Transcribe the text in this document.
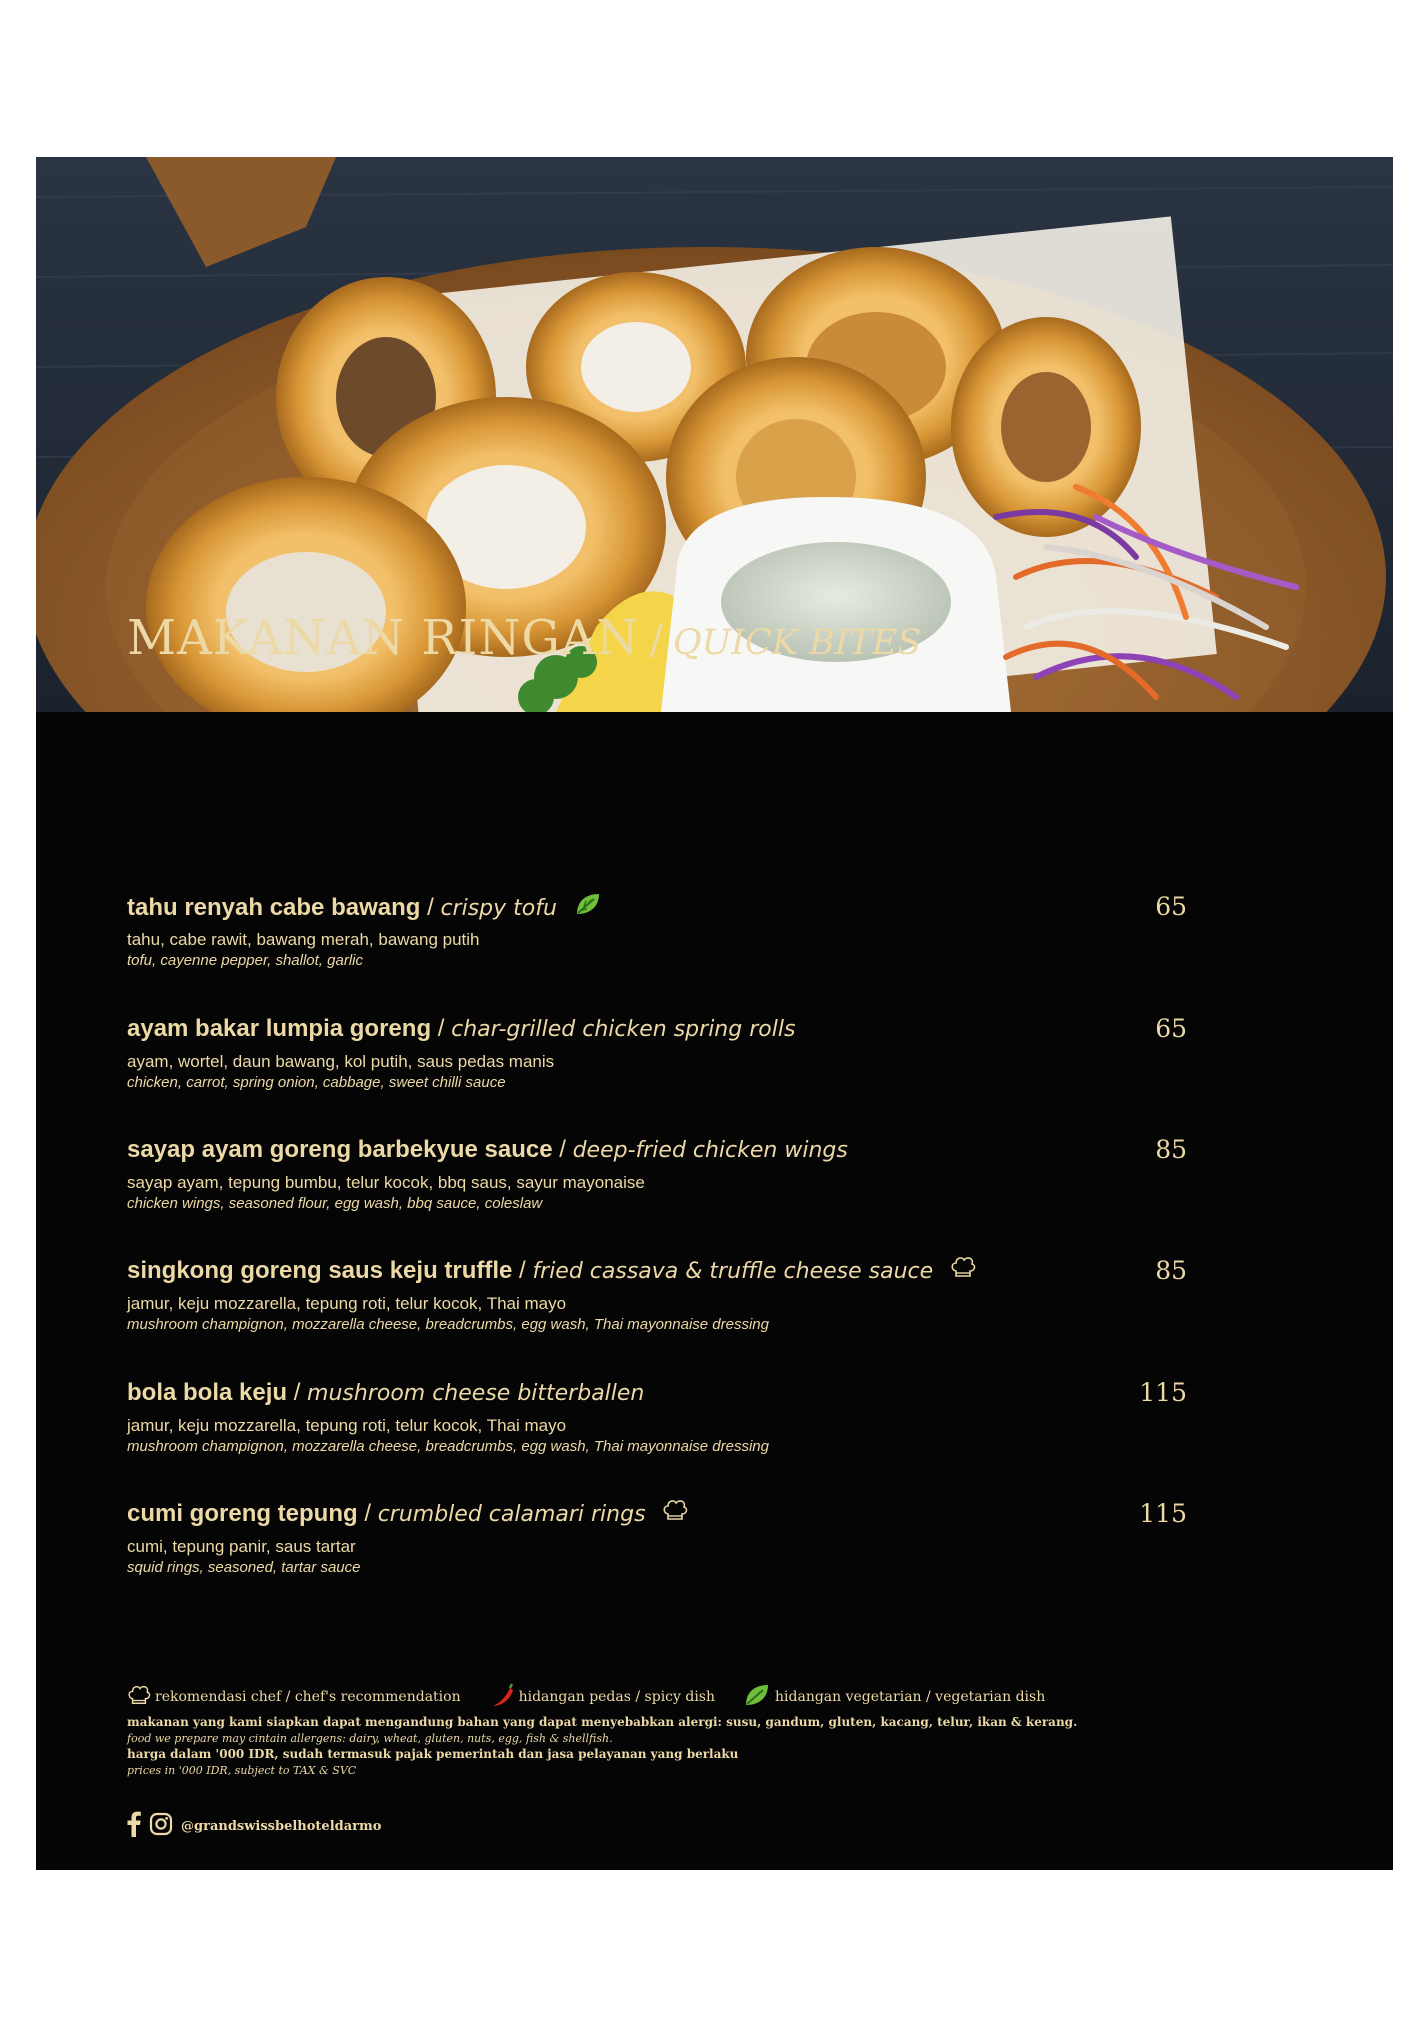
MAKANAN RINGAN / QUICK BITES
tahu renyah cabe bawang / crispy tofu	65
tahu, cabe rawit, bawang merah, bawang putih
tofu, cayenne pepper, shallot, garlic
ayam bakar lumpia goreng / char-grilled chicken spring rolls	65
ayam, wortel, daun bawang, kol putih, saus pedas manis
chicken, carrot, spring onion, cabbage, sweet chilli sauce
sayap ayam goreng barbekyue sauce / deep-fried chicken wings	85
sayap ayam, tepung bumbu, telur kocok, bbq saus, sayur mayonaise
chicken wings, seasoned flour, egg wash, bbq sauce, coleslaw
singkong goreng saus keju truffle / fried cassava & truffle cheese sauce	85
jamur, keju mozzarella, tepung roti, telur kocok, Thai mayo
mushroom champignon, mozzarella cheese, breadcrumbs, egg wash, Thai mayonnaise dressing
bola bola keju / mushroom cheese bitterballen	115
jamur, keju mozzarella, tepung roti, telur kocok, Thai mayo
mushroom champignon, mozzarella cheese, breadcrumbs, egg wash, Thai mayonnaise dressing
cumi goreng tepung / crumbled calamari rings	115
cumi, tepung panir, saus tartar
squid rings, seasoned, tartar sauce
rekomendasi chef / chef's recommendation	hidangan pedas / spicy dish	hidangan vegetarian / vegetarian dish
makanan yang kami siapkan dapat mengandung bahan yang dapat menyebabkan alergi: susu, gandum, gluten, kacang, telur, ikan & kerang.
food we prepare may cintain allergens: dairy, wheat, gluten, nuts, egg, fish & shellfish.
harga dalam '000 IDR, sudah termasuk pajak pemerintah dan jasa pelayanan yang berlaku
prices in '000 IDR, subject to TAX & SVC
@grandswissbelhoteldarmo
